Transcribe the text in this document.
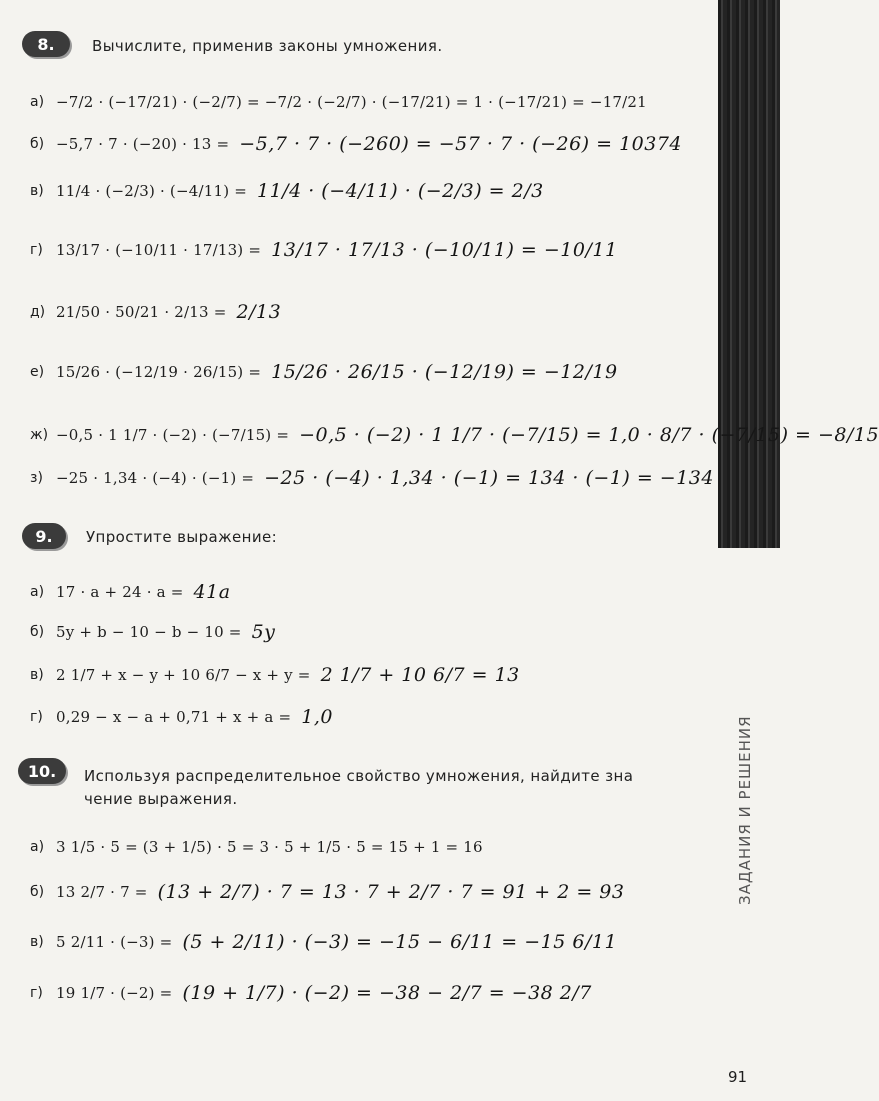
ЗАДАНИЯ И РЕШЕНИЯ
8.	Вычислите, применив законы умножения.
а) −7/2 · (−17/21) · (−2/7) = −7/2 · (−2/7) · (−17/21) = 1 · (−17/21) = −17/21
б) −5,7 · 7 · (−20) · 13 = −5,7 · 7 · (−260) = −57 · 7 · (−26) = 10374
в) 11/4 · (−2/3) · (−4/11) = 11/4 · (−4/11) · (−2/3) = 2/3
г) 13/17 · (−10/11 · 17/13) = 13/17 · 17/13 · (−10/11) = −10/11
д) 21/50 · 50/21 · 2/13 = 2/13
е) 15/26 · (−12/19 · 26/15) = 15/26 · 26/15 · (−12/19) = −12/19
ж) −0,5 · 1 1/7 · (−2) · (−7/15) = −0,5 · (−2) · 1 1/7 · (−7/15) = 1,0 · 8/7 · (−7/15) = −8/15
з) −25 · 1,34 · (−4) · (−1) = −25 · (−4) · 1,34 · (−1) = 134 · (−1) = −134
9.	Упростите выражение:
а) 17 · a + 24 · a = 41a
б) 5y + b − 10 − b − 10 = 5y
в) 2 1/7 + x − y + 10 6/7 − x + y = 2 1/7 + 10 6/7 = 13
г) 0,29 − x − a + 0,71 + x + a = 1,0
10.	Используя распределительное свойство умножения, найдите зна
чение выражения.
а) 3 1/5 · 5 = (3 + 1/5) · 5 = 3 · 5 + 1/5 · 5 = 15 + 1 = 16
б) 13 2/7 · 7 = (13 + 2/7) · 7 = 13 · 7 + 2/7 · 7 = 91 + 2 = 93
в) 5 2/11 · (−3) = (5 + 2/11) · (−3) = −15 − 6/11 = −15 6/11
г) 19 1/7 · (−2) = (19 + 1/7) · (−2) = −38 − 2/7 = −38 2/7
91
